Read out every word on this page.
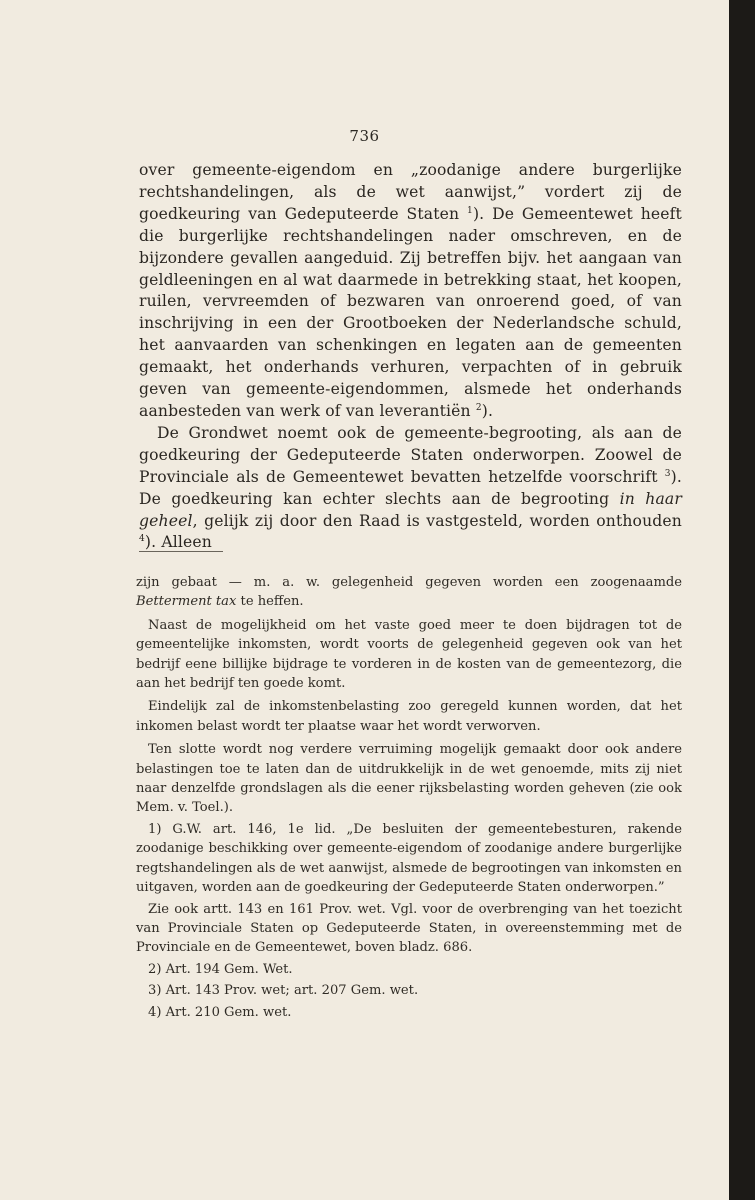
736

over gemeente-eigendom en „zoodanige andere burgerlijke rechtshandelingen, als de wet aanwijst,” vordert zij de goedkeuring van Gedeputeerde Staten $^1$). De Gemeentewet heeft die burgerlijke rechtshandelingen nader omschreven, en de bijzondere gevallen aangeduid. Zij betreffen bijv. het aangaan van geldleeningen en al wat daarmede in betrekking staat, het koopen, ruilen, vervreemden of bezwaren van onroerend goed, of van inschrijving in een der Grootboeken der Nederlandsche schuld, het aanvaarden van schenkingen en legaten aan de gemeenten gemaakt, het onderhands verhuren, verpachten of in gebruik geven van gemeente-eigendommen, alsmede het onderhands aanbesteden van werk of van leverantiën $^2$).

De Grondwet noemt ook de gemeente-begrooting, als aan de goedkeuring der Gedeputeerde Staten onderworpen. Zoowel de Provinciale als de Gemeentewet bevatten hetzelfde voorschrift $^3$). De goedkeuring kan echter slechts aan de begrooting in haar geheel, gelijk zij door den Raad is vastgesteld, worden onthouden $^4$). Alleen

zijn gebaat — m. a. w. gelegenheid gegeven worden een zoogenaamde Betterment tax te heffen.

Naast de mogelijkheid om het vaste goed meer te doen bijdragen tot de gemeentelijke inkomsten, wordt voorts de gelegenheid gegeven ook van het bedrijf eene billijke bijdrage te vorderen in de kosten van de gemeentezorg, die aan het bedrijf ten goede komt.

Eindelijk zal de inkomstenbelasting zoo geregeld kunnen worden, dat het inkomen belast wordt ter plaatse waar het wordt verworven.

Ten slotte wordt nog verdere verruiming mogelijk gemaakt door ook andere belastingen toe te laten dan de uitdrukkelijk in de wet genoemde, mits zij niet naar denzelfde grondslagen als die eener rijksbelasting worden geheven (zie ook Mem. v. Toel.).

1) G.W. art. 146, 1e lid. „De besluiten der gemeentebesturen, rakende zoodanige beschikking over gemeente-eigendom of zoodanige andere burgerlijke regtshandelingen als de wet aanwijst, alsmede de begrootingen van inkomsten en uitgaven, worden aan de goedkeuring der Gedeputeerde Staten onderworpen.”

Zie ook artt. 143 en 161 Prov. wet. Vgl. voor de overbrenging van het toezicht van Provinciale Staten op Gedeputeerde Staten, in overeenstemming met de Provinciale en de Gemeentewet, boven bladz. 686.

2) Art. 194 Gem. Wet.

3) Art. 143 Prov. wet; art. 207 Gem. wet.

4) Art. 210 Gem. wet.
